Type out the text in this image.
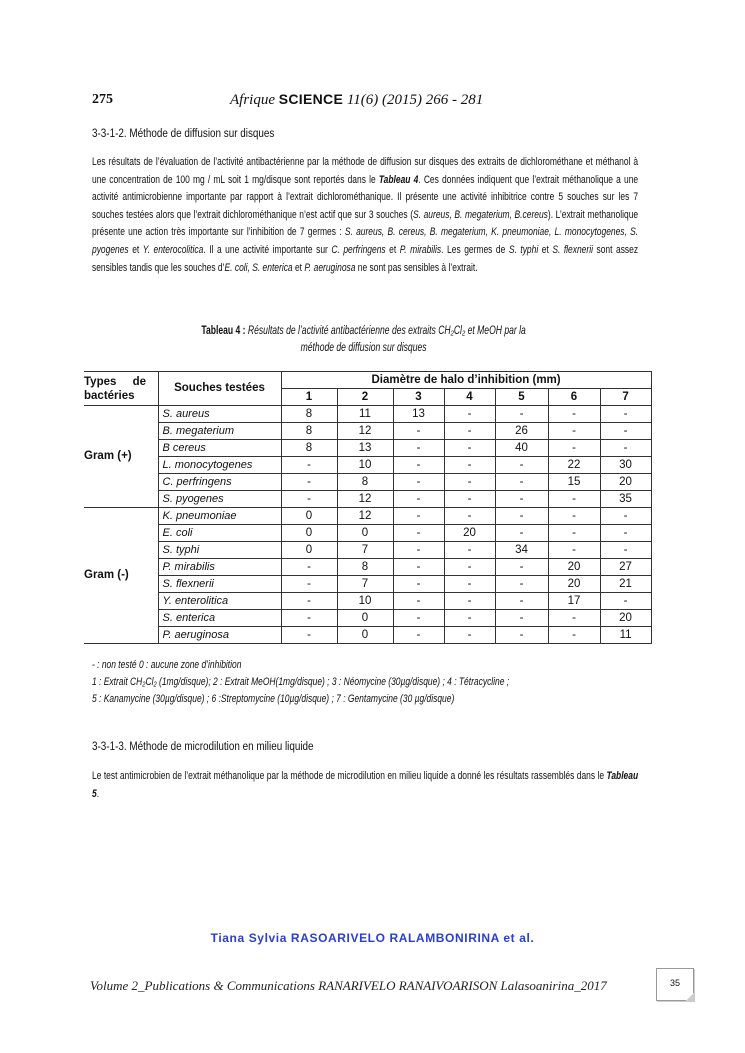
275	Afrique SCIENCE 11(6) (2015) 266 - 281
3-3-1-2. Méthode de diffusion sur disques
Les résultats de l’évaluation de l’activité antibactérienne par la méthode de diffusion sur disques des extraits de dichlorométhane et méthanol à une concentration de 100 mg / mL soit 1 mg/disque sont reportés dans le Tableau 4. Ces données indiquent que l’extrait méthanolique a une activité antimicrobienne importante par rapport à l’extrait dichlorométhanique. Il présente une activité inhibitrice contre 5 souches sur les 7 souches testées alors que l’extrait dichlorométhanique n’est actif que sur 3 souches (S. aureus, B. megaterium, B.cereus). L’extrait methanolique présente une action très importante sur l’inhibition de 7 germes : S. aureus, B. cereus, B. megaterium, K. pneumoniae, L. monocytogenes, S. pyogenes et Y. enterocolitica. Il a une activité importante sur C. perfringens et P. mirabilis. Les germes de S. typhi et S. flexnerii sont assez sensibles tandis que les souches d’E. coli, S. enterica et P. aeruginosa ne sont pas sensibles à l’extrait.
Tableau 4 : Résultats de l’activité antibactérienne des extraits CH₂Cl₂ et MeOH par la
méthode de diffusion sur disques
Types de
bactéries	Souches testées	Diamètre de halo d’inhibition (mm)						
		1	2	3	4	5	6	7
Gram (+)	S. aureus	8	11	13	-	-	-	-
	B. megaterium	8	12	-	-	26	-	-
	B cereus	8	13	-	-	40	-	-
	L. monocytogenes	-	10	-	-	-	22	30
	C. perfringens	-	8	-	-	-	15	20
	S. pyogenes	-	12	-	-	-	-	35
Gram (-)	K. pneumoniae	0	12	-	-	-	-	-
	E. coli	0	0	-	20	-	-	-
	S. typhi	0	7	-	-	34	-	-
	P. mirabilis	-	8	-	-	-	20	27
	S. flexnerii	-	7	-	-	-	20	21
	Y. enterolitica	-	10	-	-	-	17	-
	S. enterica	-	0	-	-	-	-	20
	P. aeruginosa	-	0	-	-	-	-	11
- : non testé 0 : aucune zone d’inhibition
1 : Extrait CH₂Cl₂ (1mg/disque); 2 : Extrait MeOH(1mg/disque) ; 3 : Néomycine (30µg/disque) ; 4 : Tétracycline ;
5 : Kanamycine (30µg/disque) ; 6 :Streptomycine (10µg/disque) ; 7 : Gentamycine (30 µg/disque)
3-3-1-3. Méthode de microdilution en milieu liquide
Le test antimicrobien de l’extrait méthanolique par la méthode de microdilution en milieu liquide a donné les résultats rassemblés dans le Tableau 5.
Tiana Sylvia RASOARIVELO RALAMBONIRINA et al.
Volume 2_Publications & Communications RANARIVELO RANAIVOARISON Lalasoanirina_2017	35
